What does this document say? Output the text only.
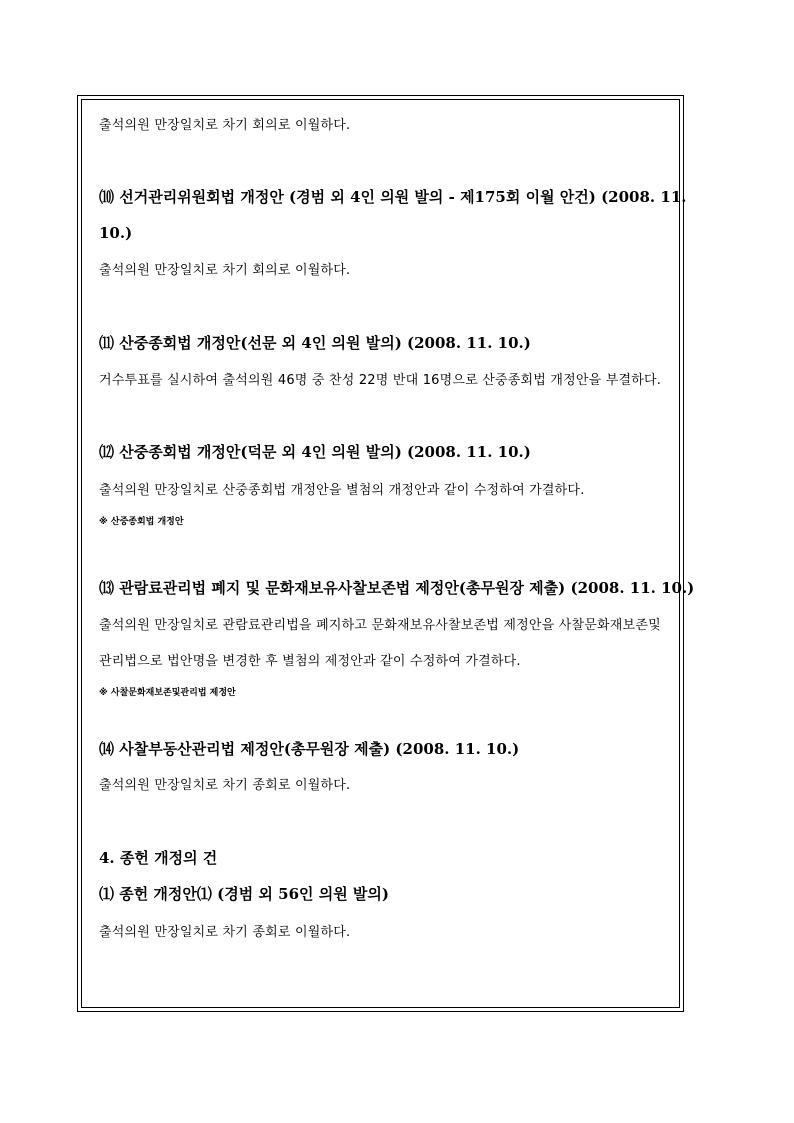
출석의원 만장일치로 차기 회의로 이월하다.
⑽ 선거관리위원회법 개정안 (경범 외 4인 의원 발의 - 제175회 이월 안건) (2008. 11.
10.)
출석의원 만장일치로 차기 회의로 이월하다.
⑾ 산중종회법 개정안(선문 외 4인 의원 발의) (2008. 11. 10.)
거수투표를 실시하여 출석의원 46명 중 찬성 22명 반대 16명으로 산중종회법 개정안을 부결하다.
⑿ 산중종회법 개정안(덕문 외 4인 의원 발의) (2008. 11. 10.)
출석의원 만장일치로 산중종회법 개정안을 별첨의 개정안과 같이 수정하여 가결하다.
※ 산중종회법 개정안
⒀ 관람료관리법 폐지 및 문화재보유사찰보존법 제정안(총무원장 제출) (2008. 11. 10.)
출석의원 만장일치로 관람료관리법을 폐지하고 문화재보유사찰보존법 제정안을 사찰문화재보존및
관리법으로 법안명을 변경한 후 별첨의 제정안과 같이 수정하여 가결하다.
※ 사찰문화재보존및관리법 제정안
⒁ 사찰부동산관리법 제정안(총무원장 제출) (2008. 11. 10.)
출석의원 만장일치로 차기 종회로 이월하다.
4. 종헌 개정의 건
⑴ 종헌 개정안⑴ (경범 외 56인 의원 발의)
출석의원 만장일치로 차기 종회로 이월하다.
